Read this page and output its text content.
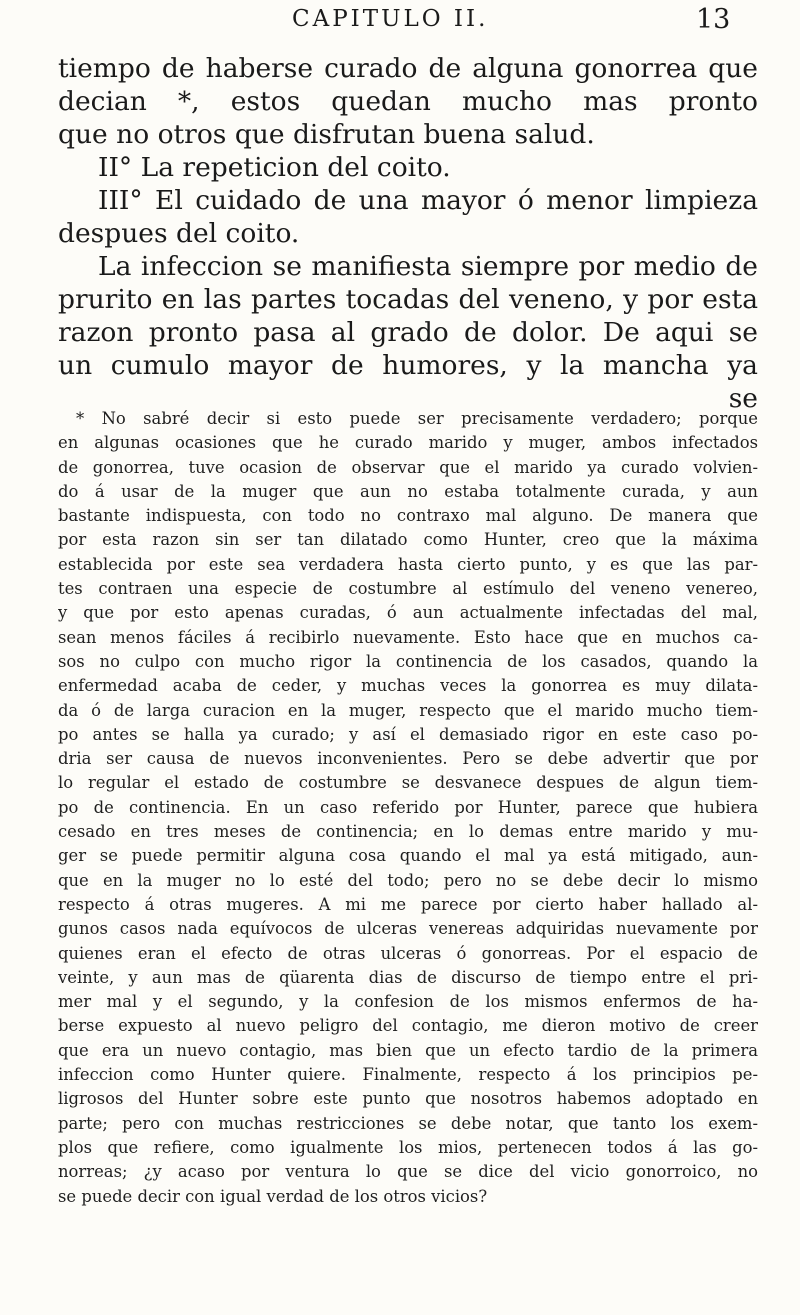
CAPITULO II.	13
tiempo de haberse curado de alguna gonorrea que
decian *, estos quedan mucho mas pronto
que no otros que disfrutan buena salud.
II° La repeticion del coito.
III° El cuidado de una mayor ó menor limpieza
despues del coito.
La infeccion se manifiesta siempre por medio de
prurito en las partes tocadas del veneno, y por esta
razon pronto pasa al grado de dolor. De aqui se
un cumulo mayor de humores, y la mancha ya
se
* No sabré decir si esto puede ser precisamente verdadero; porque
en algunas ocasiones que he curado marido y muger, ambos infectados
de gonorrea, tuve ocasion de observar que el marido ya curado volvien-
do á usar de la muger que aun no estaba totalmente curada, y aun
bastante indispuesta, con todo no contraxo mal alguno. De manera que
por esta razon sin ser tan dilatado como Hunter, creo que la máxima
establecida por este sea verdadera hasta cierto punto, y es que las par-
tes contraen una especie de costumbre al estímulo del veneno venereo,
y que por esto apenas curadas, ó aun actualmente infectadas del mal,
sean menos fáciles á recibirlo nuevamente. Esto hace que en muchos ca-
sos no culpo con mucho rigor la continencia de los casados, quando la
enfermedad acaba de ceder, y muchas veces la gonorrea es muy dilata-
da ó de larga curacion en la muger, respecto que el marido mucho tiem-
po antes se halla ya curado; y así el demasiado rigor en este caso po-
dria ser causa de nuevos inconvenientes. Pero se debe advertir que por
lo regular el estado de costumbre se desvanece despues de algun tiem-
po de continencia. En un caso referido por Hunter, parece que hubiera
cesado en tres meses de continencia; en lo demas entre marido y mu-
ger se puede permitir alguna cosa quando el mal ya está mitigado, aun-
que en la muger no lo esté del todo; pero no se debe decir lo mismo
respecto á otras mugeres. A mi me parece por cierto haber hallado al-
gunos casos nada equívocos de ulceras venereas adquiridas nuevamente por
quienes eran el efecto de otras ulceras ó gonorreas. Por el espacio de
veinte, y aun mas de qüarenta dias de discurso de tiempo entre el pri-
mer mal y el segundo, y la confesion de los mismos enfermos de ha-
berse expuesto al nuevo peligro del contagio, me dieron motivo de creer
que era un nuevo contagio, mas bien que un efecto tardio de la primera
infeccion como Hunter quiere. Finalmente, respecto á los principios pe-
ligrosos del Hunter sobre este punto que nosotros habemos adoptado en
parte; pero con muchas restricciones se debe notar, que tanto los exem-
plos que refiere, como igualmente los mios, pertenecen todos á las go-
norreas; ¿y acaso por ventura lo que se dice del vicio gonorroico, no
se puede decir con igual verdad de los otros vicios?
